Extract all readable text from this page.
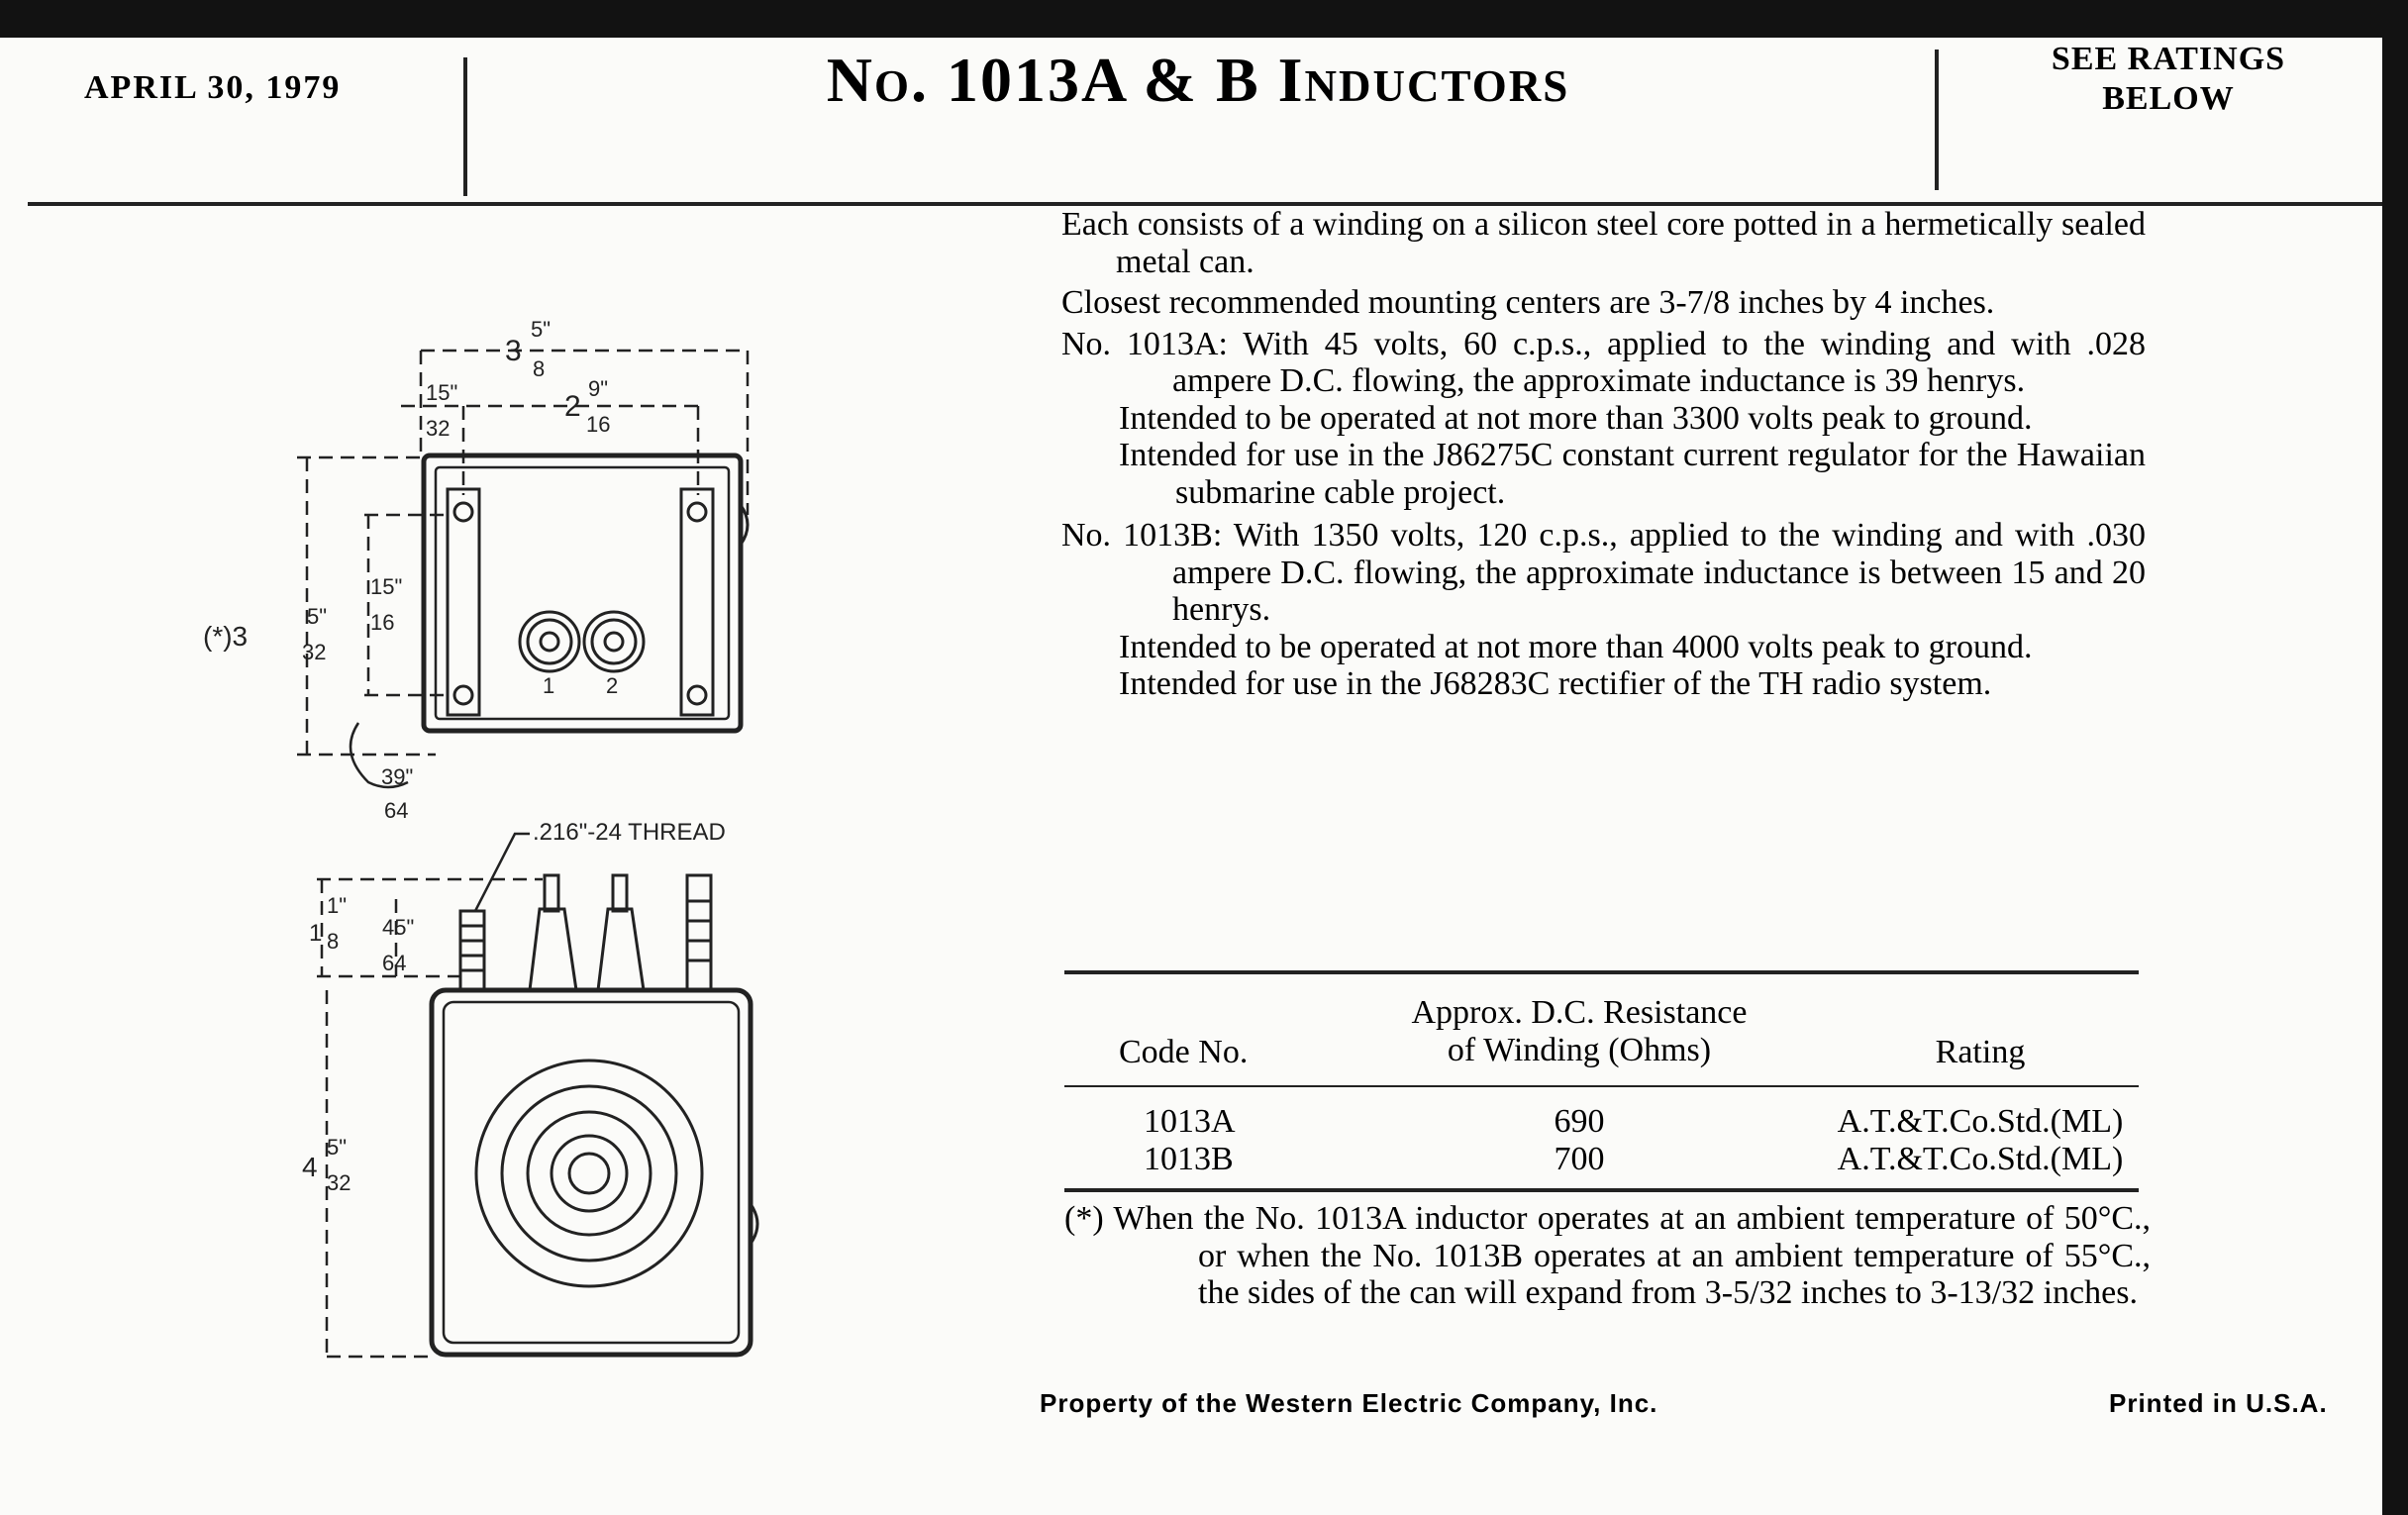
APRIL 30, 1979	No. 1013A & B Inductors	SEE RATINGS
BELOW
3
5"
8
15"
32
2
9"
16
(*)3
5"
32
15"
16
39"
64
1 2
.216"-24 THREAD
1
1"
8
45"
64
4
5"
32

Each consists of a winding on a silicon steel core potted in a hermetically sealed metal can.

Closest recommended mounting centers are 3-7/8 inches by 4 inches.

No. 1013A: With 45 volts, 60 c.p.s., applied to the winding and with .028 ampere D.C. flowing, the approximate inductance is 39 henrys.

Intended to be operated at not more than 3300 volts peak to ground.

Intended for use in the J86275C constant current regulator for the Hawaiian submarine cable project.

No. 1013B: With 1350 volts, 120 c.p.s., applied to the winding and with .030 ampere D.C. flowing, the approximate inductance is between 15 and 20 henrys.

Intended to be operated at not more than 4000 volts peak to ground.

Intended for use in the J68283C rectifier of the TH radio system.

Code No.
Approx. D.C. Resistance
of Winding (Ohms)	Rating
1013A	690	A.T.&T.Co.Std.(ML)
1013B	700	A.T.&T.Co.Std.(ML)
(*) When the No. 1013A inductor operates at an ambient temperature of 50°C., or when the No. 1013B operates at an ambient temperature of 55°C., the sides of the can will expand from 3-5/32 inches to 3-13/32 inches.
Property of the Western Electric Company, Inc.	Printed in U.S.A.
